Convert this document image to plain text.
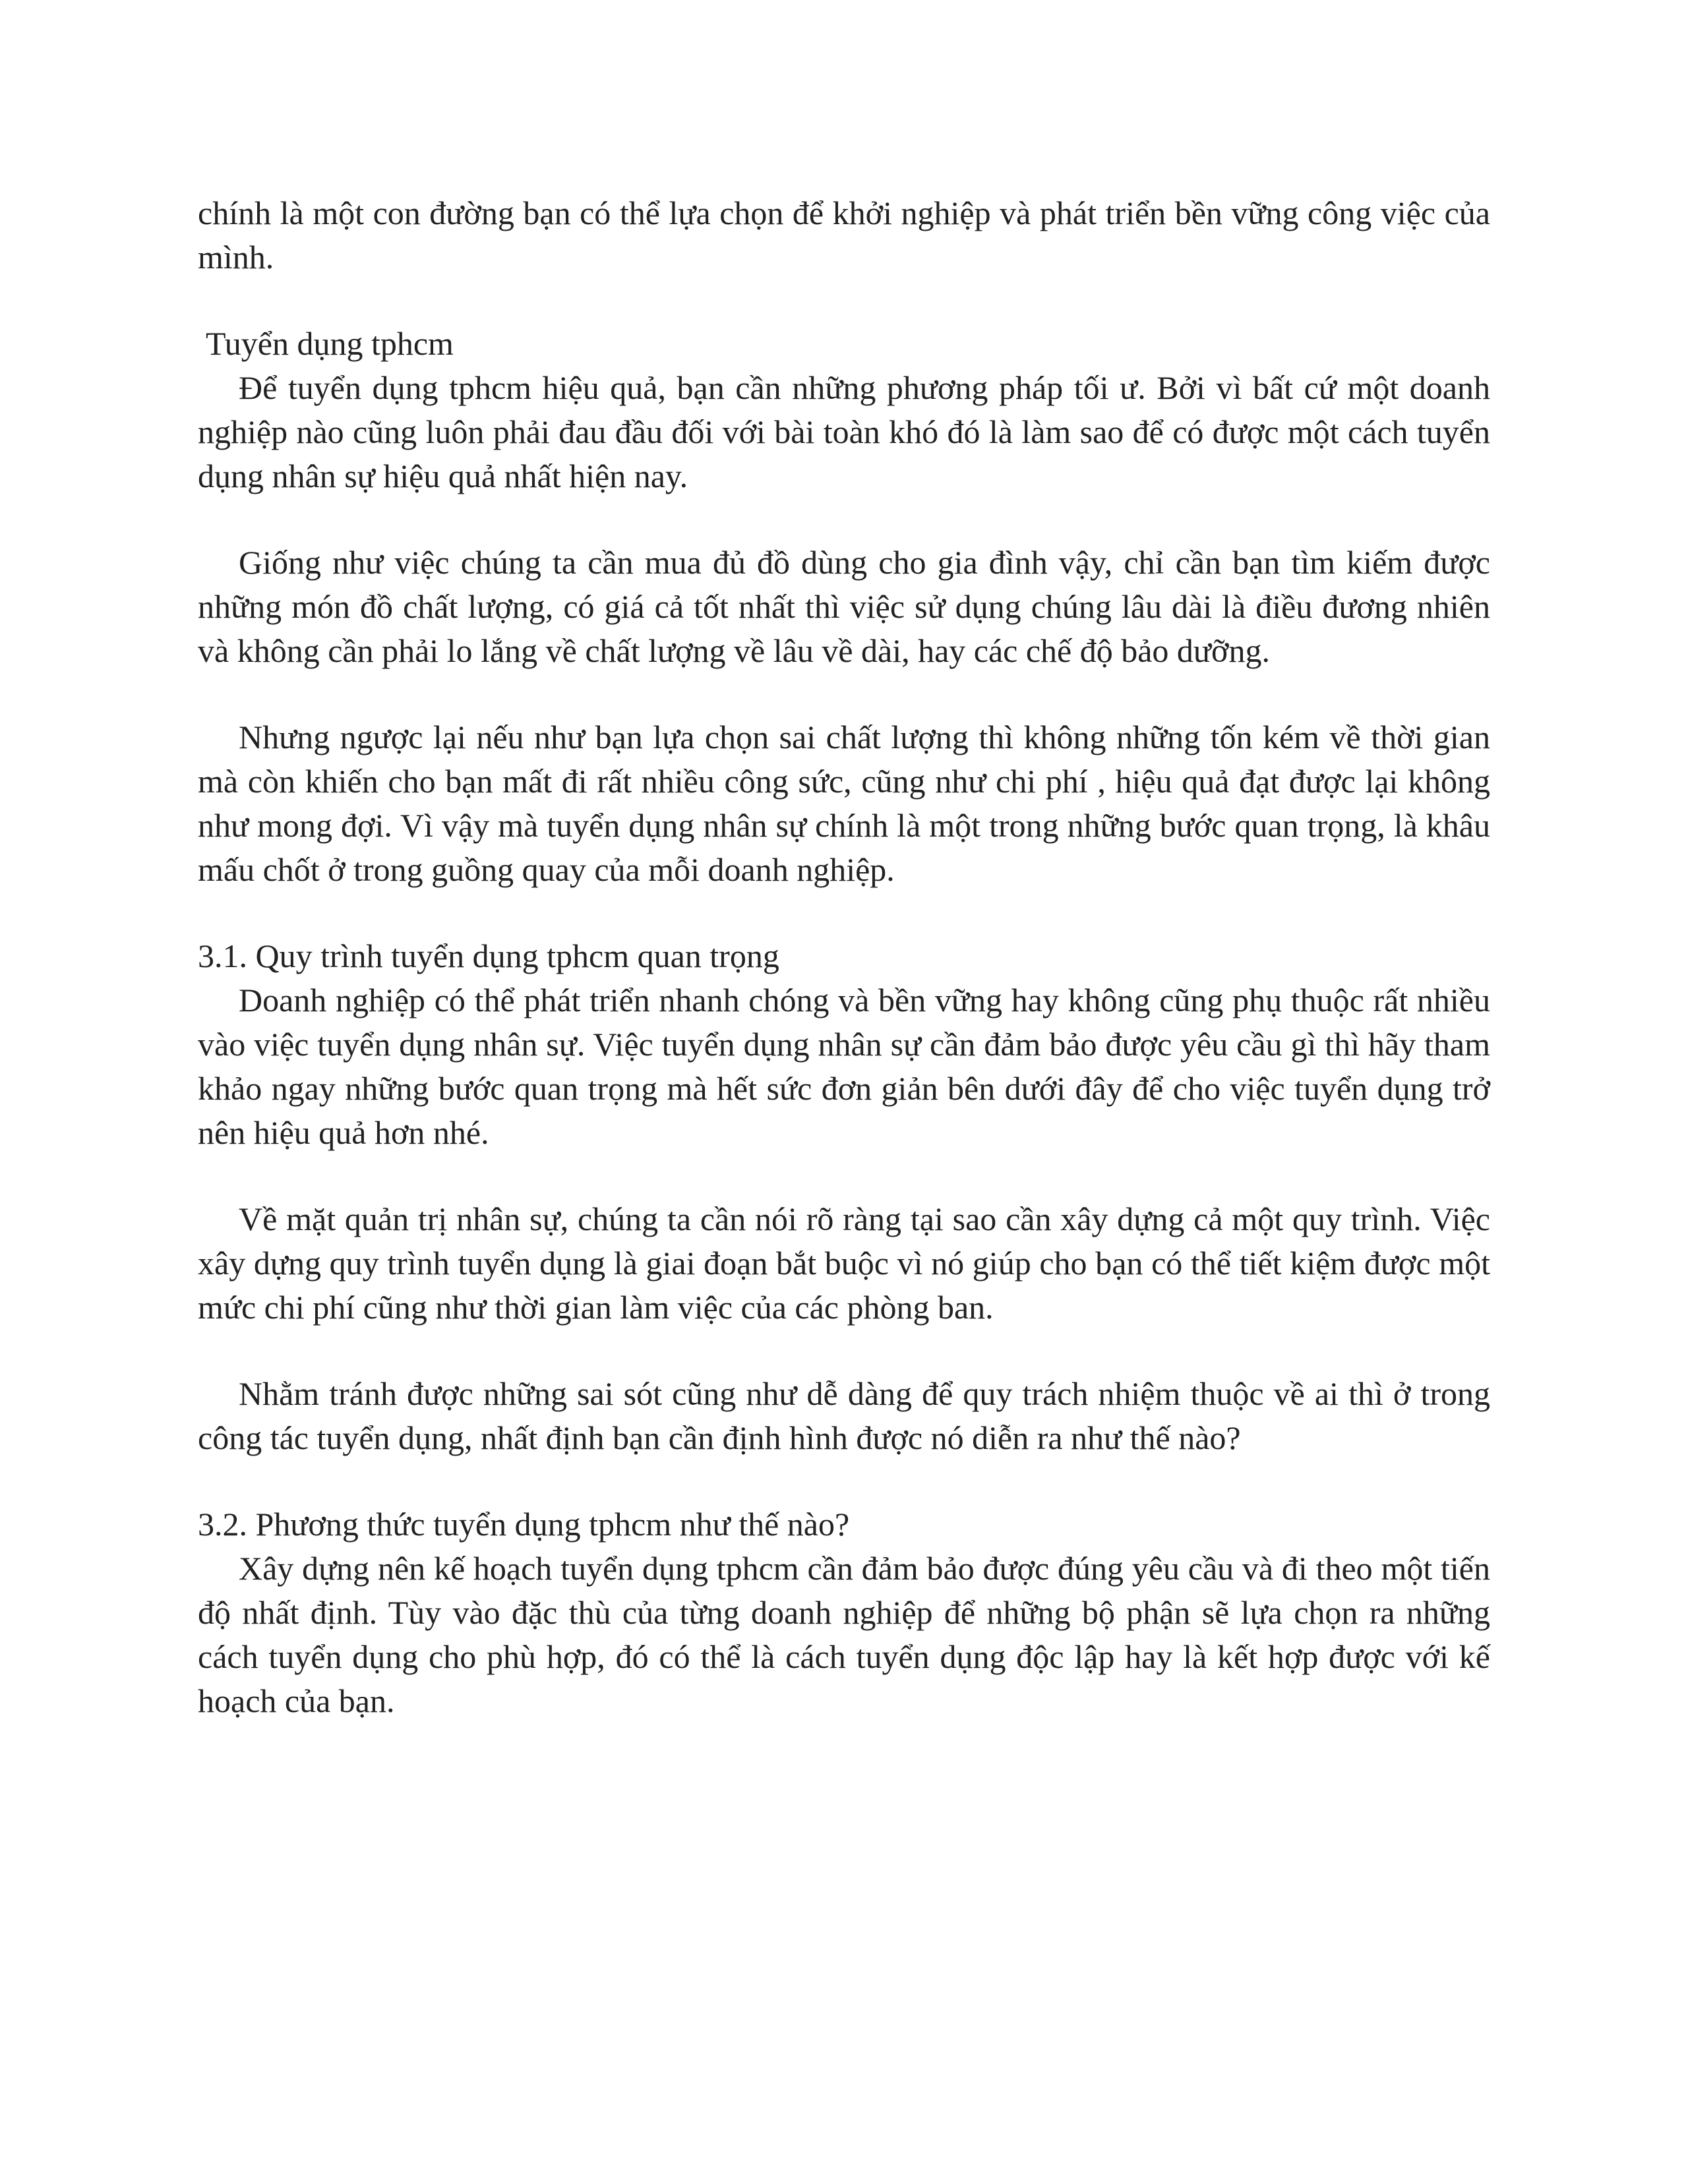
chính là một con đường bạn có thể lựa chọn để khởi nghiệp và phát triển bền vững công việc của mình.

Tuyển dụng tphcm

Để tuyển dụng tphcm hiệu quả, bạn cần những phương pháp tối ư. Bởi vì bất cứ một doanh nghiệp nào cũng luôn phải đau đầu đối với bài toàn khó đó là làm sao để có được một cách tuyển dụng nhân sự hiệu quả nhất hiện nay.

Giống như việc chúng ta cần mua đủ đồ dùng cho gia đình vậy, chỉ cần bạn tìm kiếm được những món đồ chất lượng, có giá cả tốt nhất thì việc sử dụng chúng lâu dài là điều đương nhiên và không cần phải lo lắng về chất lượng về lâu về dài, hay các chế độ bảo dưỡng.

Nhưng ngược lại nếu như bạn lựa chọn sai chất lượng thì không những tốn kém về thời gian mà còn khiến cho bạn mất đi rất nhiều công sức, cũng như chi phí , hiệu quả đạt được lại không như mong đợi. Vì vậy mà tuyển dụng nhân sự chính là một trong những bước quan trọng, là khâu mấu chốt ở trong guồng quay của mỗi doanh nghiệp.

3.1. Quy trình tuyển dụng tphcm quan trọng

Doanh nghiệp có thể phát triển nhanh chóng và bền vững hay không cũng phụ thuộc rất nhiều vào việc tuyển dụng nhân sự. Việc tuyển dụng nhân sự cần đảm bảo được yêu cầu gì thì hãy tham khảo ngay những bước quan trọng mà hết sức đơn giản bên dưới đây để cho việc tuyển dụng trở nên hiệu quả hơn nhé.

Về mặt quản trị nhân sự, chúng ta cần nói rõ ràng tại sao cần xây dựng cả một quy trình. Việc xây dựng quy trình tuyển dụng là giai đoạn bắt buộc vì nó giúp cho bạn có thể tiết kiệm được một mức chi phí cũng như thời gian làm việc của các phòng ban.

Nhằm tránh được những sai sót cũng như dễ dàng để quy trách nhiệm thuộc về ai thì ở trong công tác tuyển dụng, nhất định bạn cần định hình được nó diễn ra như thế nào?

3.2. Phương thức tuyển dụng tphcm như thế nào?

Xây dựng nên kế hoạch tuyển dụng tphcm cần đảm bảo được đúng yêu cầu và đi theo một tiến độ nhất định. Tùy vào đặc thù của từng doanh nghiệp để những bộ phận sẽ lựa chọn ra những cách tuyển dụng cho phù hợp, đó có thể là cách tuyển dụng độc lập hay là kết hợp được với kế hoạch của bạn.
